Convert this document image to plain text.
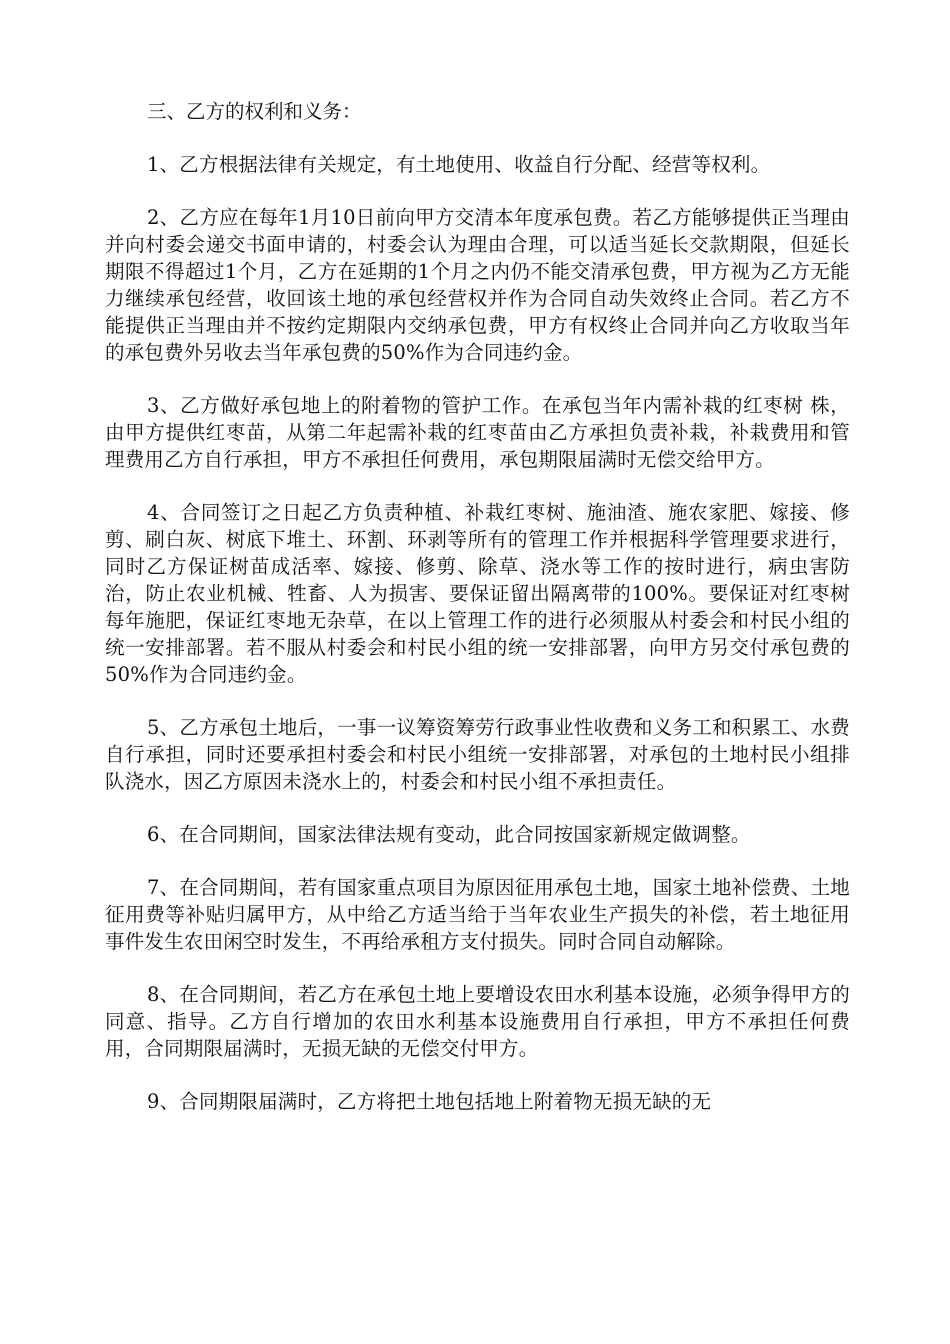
三、乙方的权利和义务：

1、乙方根据法律有关规定，有土地使用、收益自行分配、经营等权利。

2、乙方应在每年1月10日前向甲方交清本年度承包费。若乙方能够提供正当理由并向村委会递交书面申请的，村委会认为理由合理，可以适当延长交款期限，但延长期限不得超过1个月，乙方在延期的1个月之内仍不能交清承包费，甲方视为乙方无能力继续承包经营，收回该土地的承包经营权并作为合同自动失效终止合同。若乙方不能提供正当理由并不按约定期限内交纳承包费，甲方有权终止合同并向乙方收取当年的承包费外另收去当年承包费的50%作为合同违约金。

3、乙方做好承包地上的附着物的管护工作。在承包当年内需补栽的红枣树 株，由甲方提供红枣苗，从第二年起需补栽的红枣苗由乙方承担负责补栽，补栽费用和管理费用乙方自行承担，甲方不承担任何费用，承包期限届满时无偿交给甲方。

4、合同签订之日起乙方负责种植、补栽红枣树、施油渣、施农家肥、嫁接、修剪、刷白灰、树底下堆土、环割、环剥等所有的管理工作并根据科学管理要求进行，同时乙方保证树苗成活率、嫁接、修剪、除草、浇水等工作的按时进行，病虫害防治，防止农业机械、牲畜、人为损害、要保证留出隔离带的100%。要保证对红枣树每年施肥，保证红枣地无杂草，在以上管理工作的进行必须服从村委会和村民小组的统一安排部署。若不服从村委会和村民小组的统一安排部署，向甲方另交付承包费的50%作为合同违约金。

5、乙方承包土地后，一事一议筹资筹劳行政事业性收费和义务工和积累工、水费自行承担，同时还要承担村委会和村民小组统一安排部署，对承包的土地村民小组排队浇水，因乙方原因未浇水上的，村委会和村民小组不承担责任。

6、在合同期间，国家法律法规有变动，此合同按国家新规定做调整。

7、在合同期间，若有国家重点项目为原因征用承包土地，国家土地补偿费、土地征用费等补贴归属甲方，从中给乙方适当给于当年农业生产损失的补偿，若土地征用事件发生农田闲空时发生，不再给承租方支付损失。同时合同自动解除。

8、在合同期间，若乙方在承包土地上要增设农田水利基本设施，必须争得甲方的同意、指导。乙方自行增加的农田水利基本设施费用自行承担，甲方不承担任何费用，合同期限届满时，无损无缺的无偿交付甲方。

9、合同期限届满时，乙方将把土地包括地上附着物无损无缺的无
